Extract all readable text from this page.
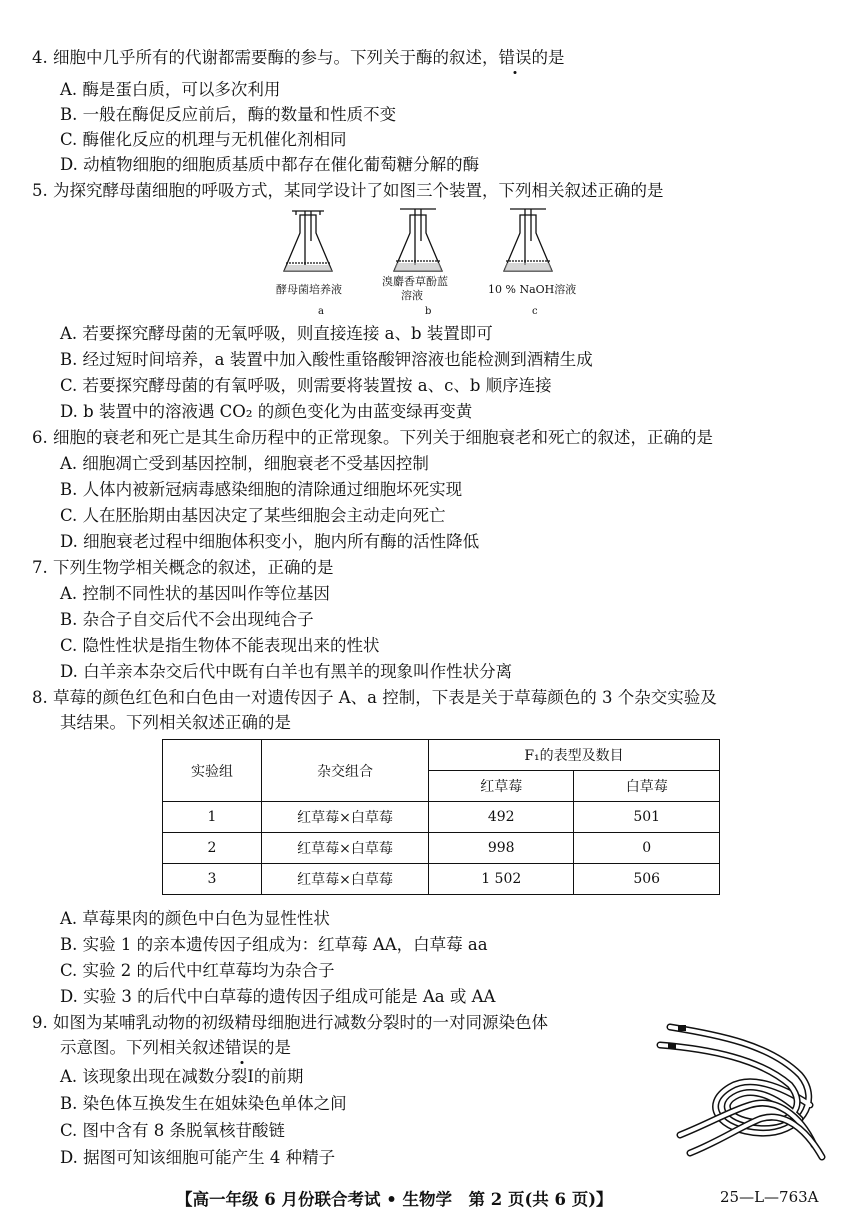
4. 细胞中几乎所有的代谢都需要酶的参与。下列关于酶的叙述，错误的是
A. 酶是蛋白质，可以多次利用
B. 一般在酶促反应前后，酶的数量和性质不变
C. 酶催化反应的机理与无机催化剂相同
D. 动植物细胞的细胞质基质中都存在催化葡萄糖分解的酶
5. 为探究酵母菌细胞的呼吸方式，某同学设计了如图三个装置，下列相关叙述正确的是
酵母菌培养液
溴麝香草酚蓝
溶液	10 % NaOH溶液
a	b	c
A. 若要探究酵母菌的无氧呼吸，则直接连接 a、b 装置即可
B. 经过短时间培养，a 装置中加入酸性重铬酸钾溶液也能检测到酒精生成
C. 若要探究酵母菌的有氧呼吸，则需要将装置按 a、c、b 顺序连接
D. b 装置中的溶液遇 CO₂ 的颜色变化为由蓝变绿再变黄
6. 细胞的衰老和死亡是其生命历程中的正常现象。下列关于细胞衰老和死亡的叙述，正确的是
A. 细胞凋亡受到基因控制，细胞衰老不受基因控制
B. 人体内被新冠病毒感染细胞的清除通过细胞坏死实现
C. 人在胚胎期由基因决定了某些细胞会主动走向死亡
D. 细胞衰老过程中细胞体积变小，胞内所有酶的活性降低
7. 下列生物学相关概念的叙述，正确的是
A. 控制不同性状的基因叫作等位基因
B. 杂合子自交后代不会出现纯合子
C. 隐性性状是指生物体不能表现出来的性状
D. 白羊亲本杂交后代中既有白羊也有黑羊的现象叫作性状分离
8. 草莓的颜色红色和白色由一对遗传因子 A、a 控制，下表是关于草莓颜色的 3 个杂交实验及
其结果。下列相关叙述正确的是
实验组	杂交组合	F₁的表型及数目	
		红草莓	白草莓
1	红草莓×白草莓	492	501
2	红草莓×白草莓	998	0
3	红草莓×白草莓	1 502	506
A. 草莓果肉的颜色中白色为显性性状
B. 实验 1 的亲本遗传因子组成为：红草莓 AA，白草莓 aa
C. 实验 2 的后代中红草莓均为杂合子
D. 实验 3 的后代中白草莓的遗传因子组成可能是 Aa 或 AA
9. 如图为某哺乳动物的初级精母细胞进行减数分裂时的一对同源染色体
示意图。下列相关叙述错误的是
A. 该现象出现在减数分裂Ⅰ的前期
B. 染色体互换发生在姐妹染色单体之间
C. 图中含有 8 条脱氧核苷酸链
D. 据图可知该细胞可能产生 4 种精子
【高一年级 6 月份联合考试 • 生物学　第 2 页(共 6 页)】	25—L—763A
